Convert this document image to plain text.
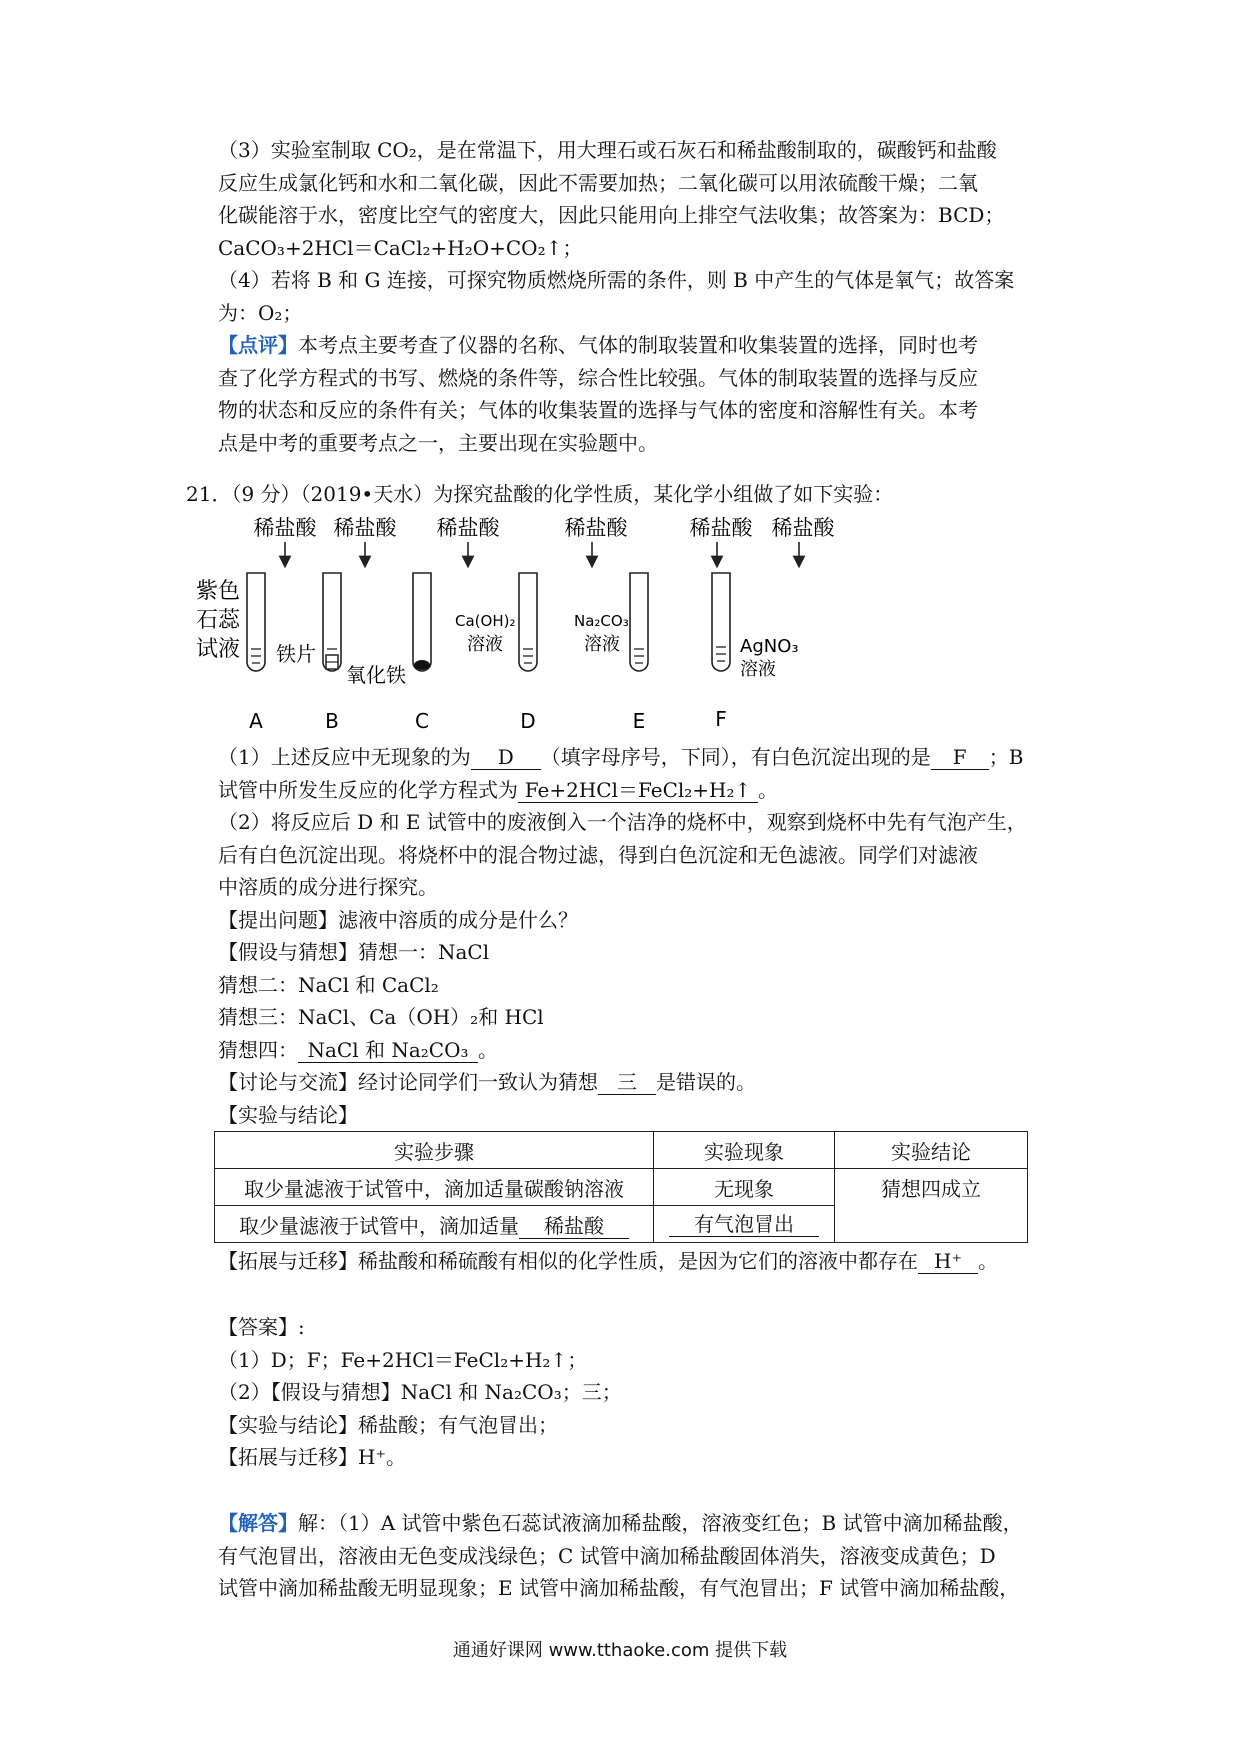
（3）实验室制取 CO₂，是在常温下，用大理石或石灰石和稀盐酸制取的，碳酸钙和盐酸
反应生成氯化钙和水和二氧化碳，因此不需要加热；二氧化碳可以用浓硫酸干燥；二氧
化碳能溶于水，密度比空气的密度大，因此只能用向上排空气法收集；故答案为：BCD；
CaCO₃+2HCl＝CaCl₂+H₂O+CO₂↑；
（4）若将 B 和 G 连接，可探究物质燃烧所需的条件，则 B 中产生的气体是氧气；故答案
为：O₂；
【点评】本考点主要考查了仪器的名称、气体的制取装置和收集装置的选择，同时也考
查了化学方程式的书写、燃烧的条件等，综合性比较强。气体的制取装置的选择与反应
物的状态和反应的条件有关；气体的收集装置的选择与气体的密度和溶解性有关。本考
点是中考的重要考点之一，主要出现在实验题中。
21．（9 分）（2019•天水）为探究盐酸的化学性质，某化学小组做了如下实验：
稀盐酸 稀盐酸 稀盐酸	稀盐酸	稀盐酸 稀盐酸
紫色
石蕊
试液 铁片
氧化铁
Ca(OH)₂
溶液
Na₂CO₃
溶液	AgNO₃
溶液
A	B	C	D	E	F
（1）上述反应中无现象的为 D （填字母序号，下同），有白色沉淀出现的是 F ；B
试管中所发生反应的化学方程式为 Fe+2HCl＝FeCl₂+H₂↑ 。
（2）将反应后 D 和 E 试管中的废液倒入一个洁净的烧杯中，观察到烧杯中先有气泡产生，
后有白色沉淀出现。将烧杯中的混合物过滤，得到白色沉淀和无色滤液。同学们对滤液
中溶质的成分进行探究。
【提出问题】滤液中溶质的成分是什么？
【假设与猜想】猜想一：NaCl
猜想二：NaCl 和 CaCl₂
猜想三：NaCl、Ca（OH）₂和 HCl
猜想四： NaCl 和 Na₂CO₃ 。
【讨论与交流】经讨论同学们一致认为猜想 三 是错误的。
【实验与结论】
实验步骤	实验现象	实验结论
取少量滤液于试管中，滴加适量碳酸钠溶液	无现象	猜想四成立
取少量滤液于试管中，滴加适量 稀盐酸	有气泡冒出	
【拓展与迁移】稀盐酸和稀硫酸有相似的化学性质，是因为它们的溶液中都存在 H⁺ 。
【答案】:
（1）D；F；Fe+2HCl＝FeCl₂+H₂↑；
（2）【假设与猜想】NaCl 和 Na₂CO₃；三；
【实验与结论】稀盐酸；有气泡冒出；
【拓展与迁移】H⁺。
【解答】解：（1）A 试管中紫色石蕊试液滴加稀盐酸，溶液变红色；B 试管中滴加稀盐酸，
有气泡冒出，溶液由无色变成浅绿色；C 试管中滴加稀盐酸固体消失，溶液变成黄色；D
试管中滴加稀盐酸无明显现象；E 试管中滴加稀盐酸，有气泡冒出；F 试管中滴加稀盐酸，
通通好课网 www.tthaoke.com 提供下载
